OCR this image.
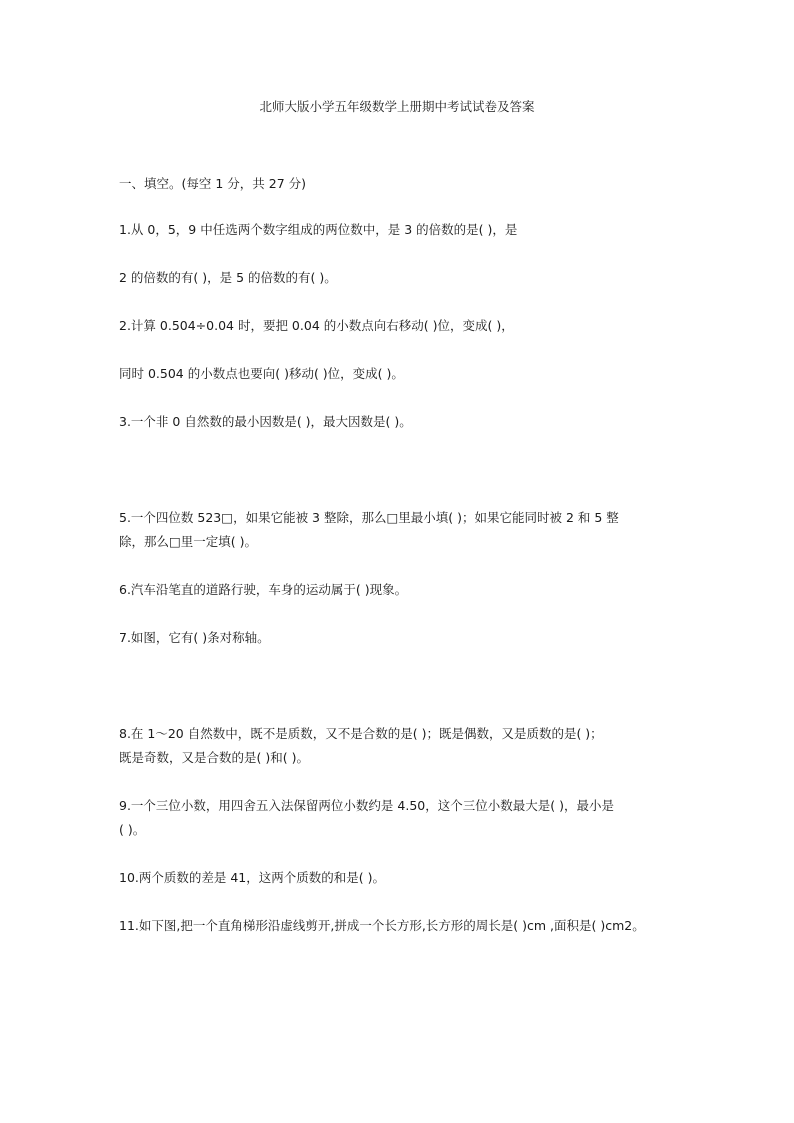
北师大版小学五年级数学上册期中考试试卷及答案
一、填空。(每空 1 分，共 27 分)
1.从 0，5，9 中任选两个数字组成的两位数中，是 3 的倍数的是( )，是
2 的倍数的有( )，是 5 的倍数的有( )。
2.计算 0.504÷0.04 时，要把 0.04 的小数点向右移动( )位，变成( )，
同时 0.504 的小数点也要向( )移动( )位，变成( )。
3.一个非 0 自然数的最小因数是( )，最大因数是( )。
5.一个四位数 523□，如果它能被 3 整除，那么□里最小填( )；如果它能同时被 2 和 5 整
除，那么□里一定填( )。
6.汽车沿笔直的道路行驶，车身的运动属于( )现象。
7.如图，它有( )条对称轴。
8.在 1～20 自然数中，既不是质数，又不是合数的是( )；既是偶数，又是质数的是( )；
既是奇数，又是合数的是( )和( )。
9.一个三位小数，用四舍五入法保留两位小数约是 4.50，这个三位小数最大是( )，最小是
( )。
10.两个质数的差是 41，这两个质数的和是( )。
11.如下图,把一个直角梯形沿虚线剪开,拼成一个长方形,长方形的周长是( )cm ,面积是( )cm2。
